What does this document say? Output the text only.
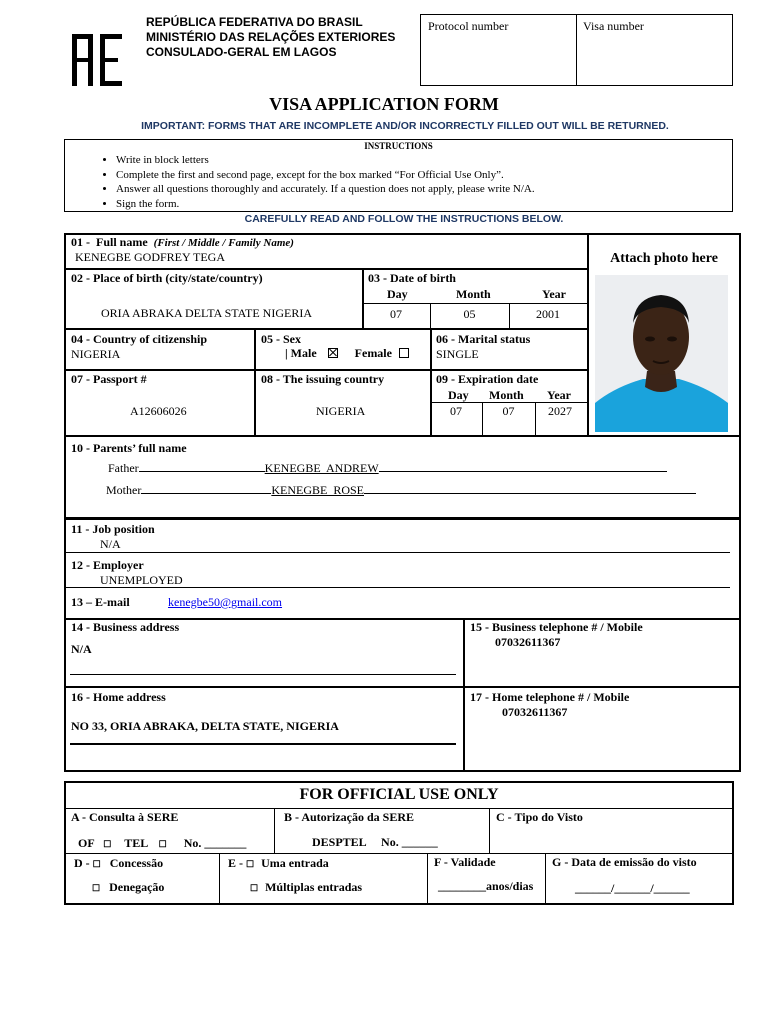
REPÚBLICA FEDERATIVA DO BRASIL
MINISTÉRIO DAS RELAÇÕES EXTERIORES
CONSULADO-GERAL EM LAGOS
Protocol number	Visa number
VISA APPLICATION FORM
IMPORTANT: FORMS THAT ARE INCOMPLETE AND/OR INCORRECTLY FILLED OUT WILL BE RETURNED.
INSTRUCTIONS
• Write in block letters
• Complete the first and second page, except for the box marked “For Official Use Only”.
• Answer all questions thoroughly and accurately. If a question does not apply, please write N/A.
• Sign the form.
CAREFULLY READ AND FOLLOW THE INSTRUCTIONS BELOW.
01 - Full name (First / Middle / Family Name)
KENEGBE GODFREY TEGA
02 - Place of birth (city/state/country)
ORIA ABRAKA DELTA STATE NIGERIA
03 - Date of birth
Day	Month	Year
07	05	2001
04 - Country of citizenship
NIGERIA
05 - Sex
| Male	Female
06 - Marital status
SINGLE
07 - Passport #
A12606026
08 - The issuing country
NIGERIA
09 - Expiration date
Day Month Year
07	07	2027
Attach photo here
10 - Parents’ full name
Father	KENEGBE ANDREW
Mother	KENEGBE ROSE
11 - Job position
N/A
12 - Employer
UNEMPLOYED
13 – E-mail	kenegbe50@gmail.com
14 - Business address
N/A
15 - Business telephone # / Mobile
07032611367
16 - Home address
NO 33, ORIA ABRAKA, DELTA STATE, NIGERIA
17 - Home telephone # / Mobile
07032611367
FOR OFFICIAL USE ONLY
A - Consulta à SERE
OF ☐ TEL ☐ No. _______
B - Autorização da SERE
DESPTEL No. ______
C - Tipo do Visto
D - ☐ Concessão
☐ Denegação
E - ☐ Uma entrada
☐ Múltiplas entradas
F - Validade
________anos/dias
G - Data de emissão do visto
______/______/______
